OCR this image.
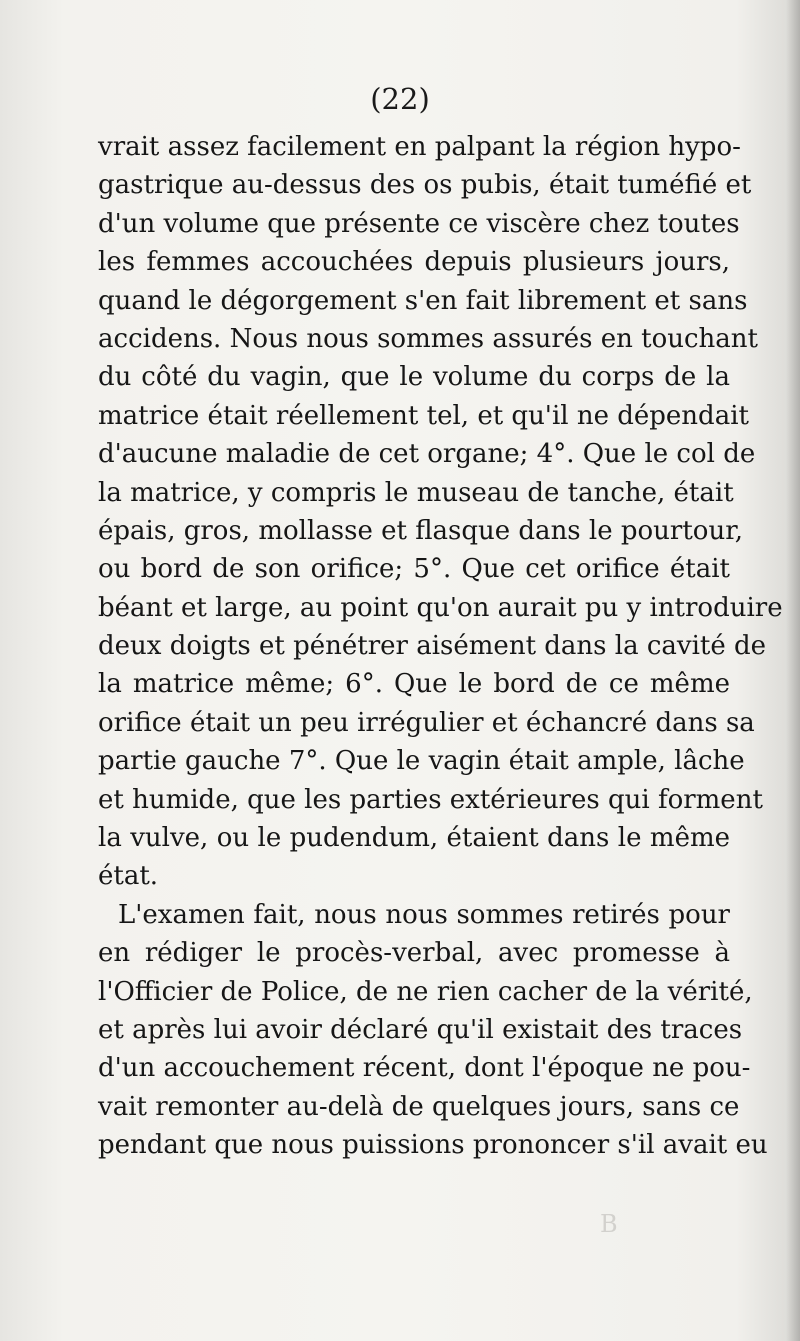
(22)
vrait assez facilement en palpant la région hypo-
gastrique au-dessus des os pubis, était tuméfié et
d'un volume que présente ce viscère chez toutes
les femmes accouchées depuis plusieurs jours,
quand le dégorgement s'en fait librement et sans
accidens. Nous nous sommes assurés en touchant
du côté du vagin, que le volume du corps de la
matrice était réellement tel, et qu'il ne dépendait
d'aucune maladie de cet organe; 4°. Que le col de
la matrice, y compris le museau de tanche, était
épais, gros, mollasse et flasque dans le pourtour,
ou bord de son orifice; 5°. Que cet orifice était
béant et large, au point qu'on aurait pu y introduire
deux doigts et pénétrer aisément dans la cavité de
la matrice même; 6°. Que le bord de ce même
orifice était un peu irrégulier et échancré dans sa
partie gauche 7°. Que le vagin était ample, lâche
et humide, que les parties extérieures qui forment
la vulve, ou le pudendum, étaient dans le même
état.
L'examen fait, nous nous sommes retirés pour
en rédiger le procès-verbal, avec promesse à
l'Officier de Police, de ne rien cacher de la vérité,
et après lui avoir déclaré qu'il existait des traces
d'un accouchement récent, dont l'époque ne pou-
vait remonter au-delà de quelques jours, sans ce
pendant que nous puissions prononcer s'il avait eu
B
